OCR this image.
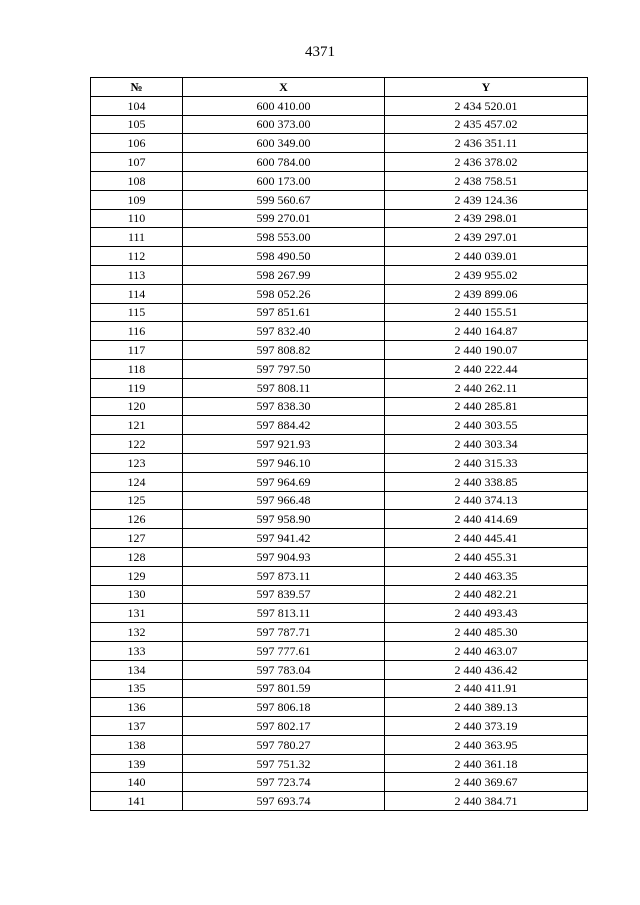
4371
№	X	Y
104	600 410.00	2 434 520.01
105	600 373.00	2 435 457.02
106	600 349.00	2 436 351.11
107	600 784.00	2 436 378.02
108	600 173.00	2 438 758.51
109	599 560.67	2 439 124.36
110	599 270.01	2 439 298.01
111	598 553.00	2 439 297.01
112	598 490.50	2 440 039.01
113	598 267.99	2 439 955.02
114	598 052.26	2 439 899.06
115	597 851.61	2 440 155.51
116	597 832.40	2 440 164.87
117	597 808.82	2 440 190.07
118	597 797.50	2 440 222.44
119	597 808.11	2 440 262.11
120	597 838.30	2 440 285.81
121	597 884.42	2 440 303.55
122	597 921.93	2 440 303.34
123	597 946.10	2 440 315.33
124	597 964.69	2 440 338.85
125	597 966.48	2 440 374.13
126	597 958.90	2 440 414.69
127	597 941.42	2 440 445.41
128	597 904.93	2 440 455.31
129	597 873.11	2 440 463.35
130	597 839.57	2 440 482.21
131	597 813.11	2 440 493.43
132	597 787.71	2 440 485.30
133	597 777.61	2 440 463.07
134	597 783.04	2 440 436.42
135	597 801.59	2 440 411.91
136	597 806.18	2 440 389.13
137	597 802.17	2 440 373.19
138	597 780.27	2 440 363.95
139	597 751.32	2 440 361.18
140	597 723.74	2 440 369.67
141	597 693.74	2 440 384.71
